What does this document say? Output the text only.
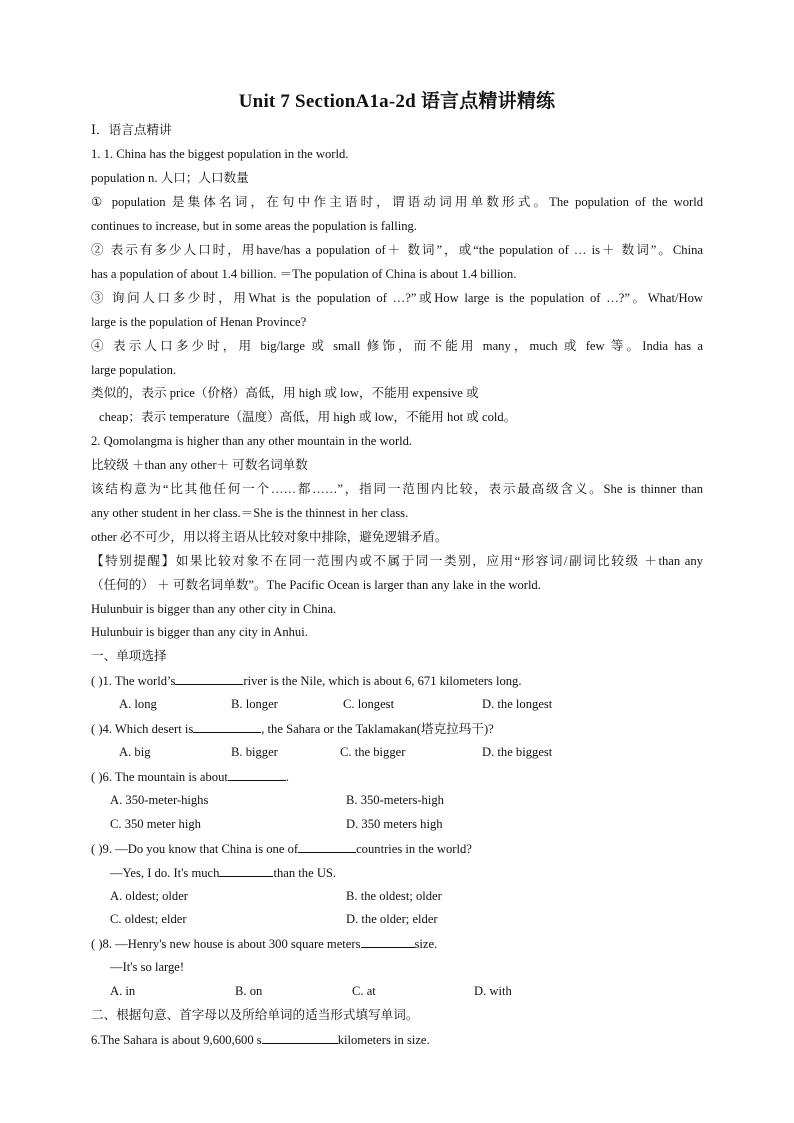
Unit 7 SectionA1a-2d 语言点精讲精练
Ⅰ．语言点精讲
1. 1. China has the biggest population in the world.
population n. 人口；人口数量
① population 是集体名词，在句中作主语时，谓语动词用单数形式。The population of the world
continues to increase, but in some areas the population is falling.
② 表示有多少人口时，用have/has a population of＋ 数词”，或“the population of … is＋ 数词”。China
has a population of about 1.4 billion. ＝The population of China is about 1.4 billion.
③ 询问人口多少时，用What is the population of …?”或How large is the population of …?”。What/How
large is the population of Henan Province?
④ 表示人口多少时，用 big/large 或 small 修饰，而不能用 many，much 或 few 等。India has a
large population.
类似的，表示 price（价格）高低，用 high 或 low，不能用 expensive 或
cheap；表示 temperature（温度）高低，用 high 或 low，不能用 hot 或 cold。
2. Qomolangma is higher than any other mountain in the world.
比较级 ＋than any other＋ 可数名词单数
该结构意为“比其他任何一个……都……”，指同一范围内比较，表示最高级含义。She is thinner than
any other student in her class.＝She is the thinnest in her class.
other 必不可少，用以将主语从比较对象中排除，避免逻辑矛盾。
【特别提醒】如果比较对象不在同一范围内或不属于同一类别，应用“形容词/副词比较级 ＋than any
（任何的） ＋ 可数名词单数”。The Pacific Ocean is larger than any lake in the world.
Hulunbuir is bigger than any other city in China.
Hulunbuir is bigger than any city in Anhui.
一、单项选择
( )1. The world’s	river is the Nile, which is about 6, 671 kilometers long.
A. long	B. longer	C. longest	D. the longest
( )4. Which desert is	, the Sahara or the Taklamakan(塔克拉玛干)?
A. big	B. bigger	C. the bigger	D. the biggest
( )6. The mountain is about	.
A. 350-meter-highs	B. 350-meters-high
C. 350 meter high	D. 350 meters high
( )9. —Do you know that China is one of	countries in the world?
—Yes, I do. It's much	than the US.
A. oldest; older	B. the oldest; older
C. oldest; elder	D. the older; elder
( )8. —Henry's new house is about 300 square meters	size.
—It's so large!
A. in	B. on	C. at	D. with
二、根据句意、首字母以及所给单词的适当形式填写单词。
6.The Sahara is about 9,600,600 s	kilometers in size.
